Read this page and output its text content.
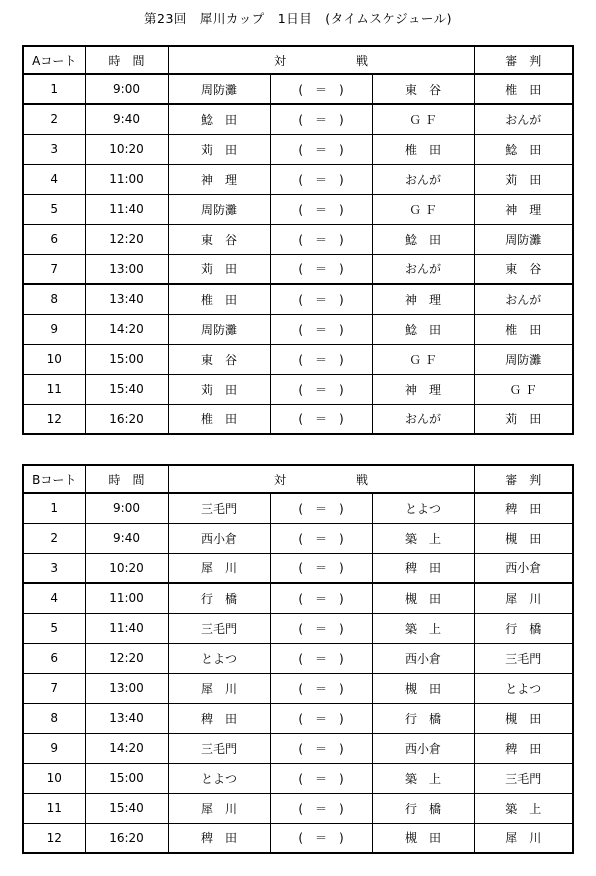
第23回　犀川カップ　1日目　(タイムスケジュール)
Aコート	時　間	対 戦			審　判
1	9:00	周防灘	(　＝　)	東　谷	椎　田
2	9:40	鯰　田	(　＝　)	Ｇ Ｆ	おんが
3	10:20	苅　田	(　＝　)	椎　田	鯰　田
4	11:00	神　理	(　＝　)	おんが	苅　田
5	11:40	周防灘	(　＝　)	Ｇ Ｆ	神　理
6	12:20	東　谷	(　＝　)	鯰　田	周防灘
7	13:00	苅　田	(　＝　)	おんが	東　谷
8	13:40	椎　田	(　＝　)	神　理	おんが
9	14:20	周防灘	(　＝　)	鯰　田	椎　田
10	15:00	東　谷	(　＝　)	Ｇ Ｆ	周防灘
11	15:40	苅　田	(　＝　)	神　理	Ｇ Ｆ
12	16:20	椎　田	(　＝　)	おんが	苅　田
Bコート	時　間	対 戦			審　判
1	9:00	三毛門	(　＝　)	とよつ	稗　田
2	9:40	西小倉	(　＝　)	築　上	槻　田
3	10:20	犀　川	(　＝　)	稗　田	西小倉
4	11:00	行　橋	(　＝　)	槻　田	犀　川
5	11:40	三毛門	(　＝　)	築　上	行　橋
6	12:20	とよつ	(　＝　)	西小倉	三毛門
7	13:00	犀　川	(　＝　)	槻　田	とよつ
8	13:40	稗　田	(　＝　)	行　橋	槻　田
9	14:20	三毛門	(　＝　)	西小倉	稗　田
10	15:00	とよつ	(　＝　)	築　上	三毛門
11	15:40	犀　川	(　＝　)	行　橋	築　上
12	16:20	稗　田	(　＝　)	槻　田	犀　川
